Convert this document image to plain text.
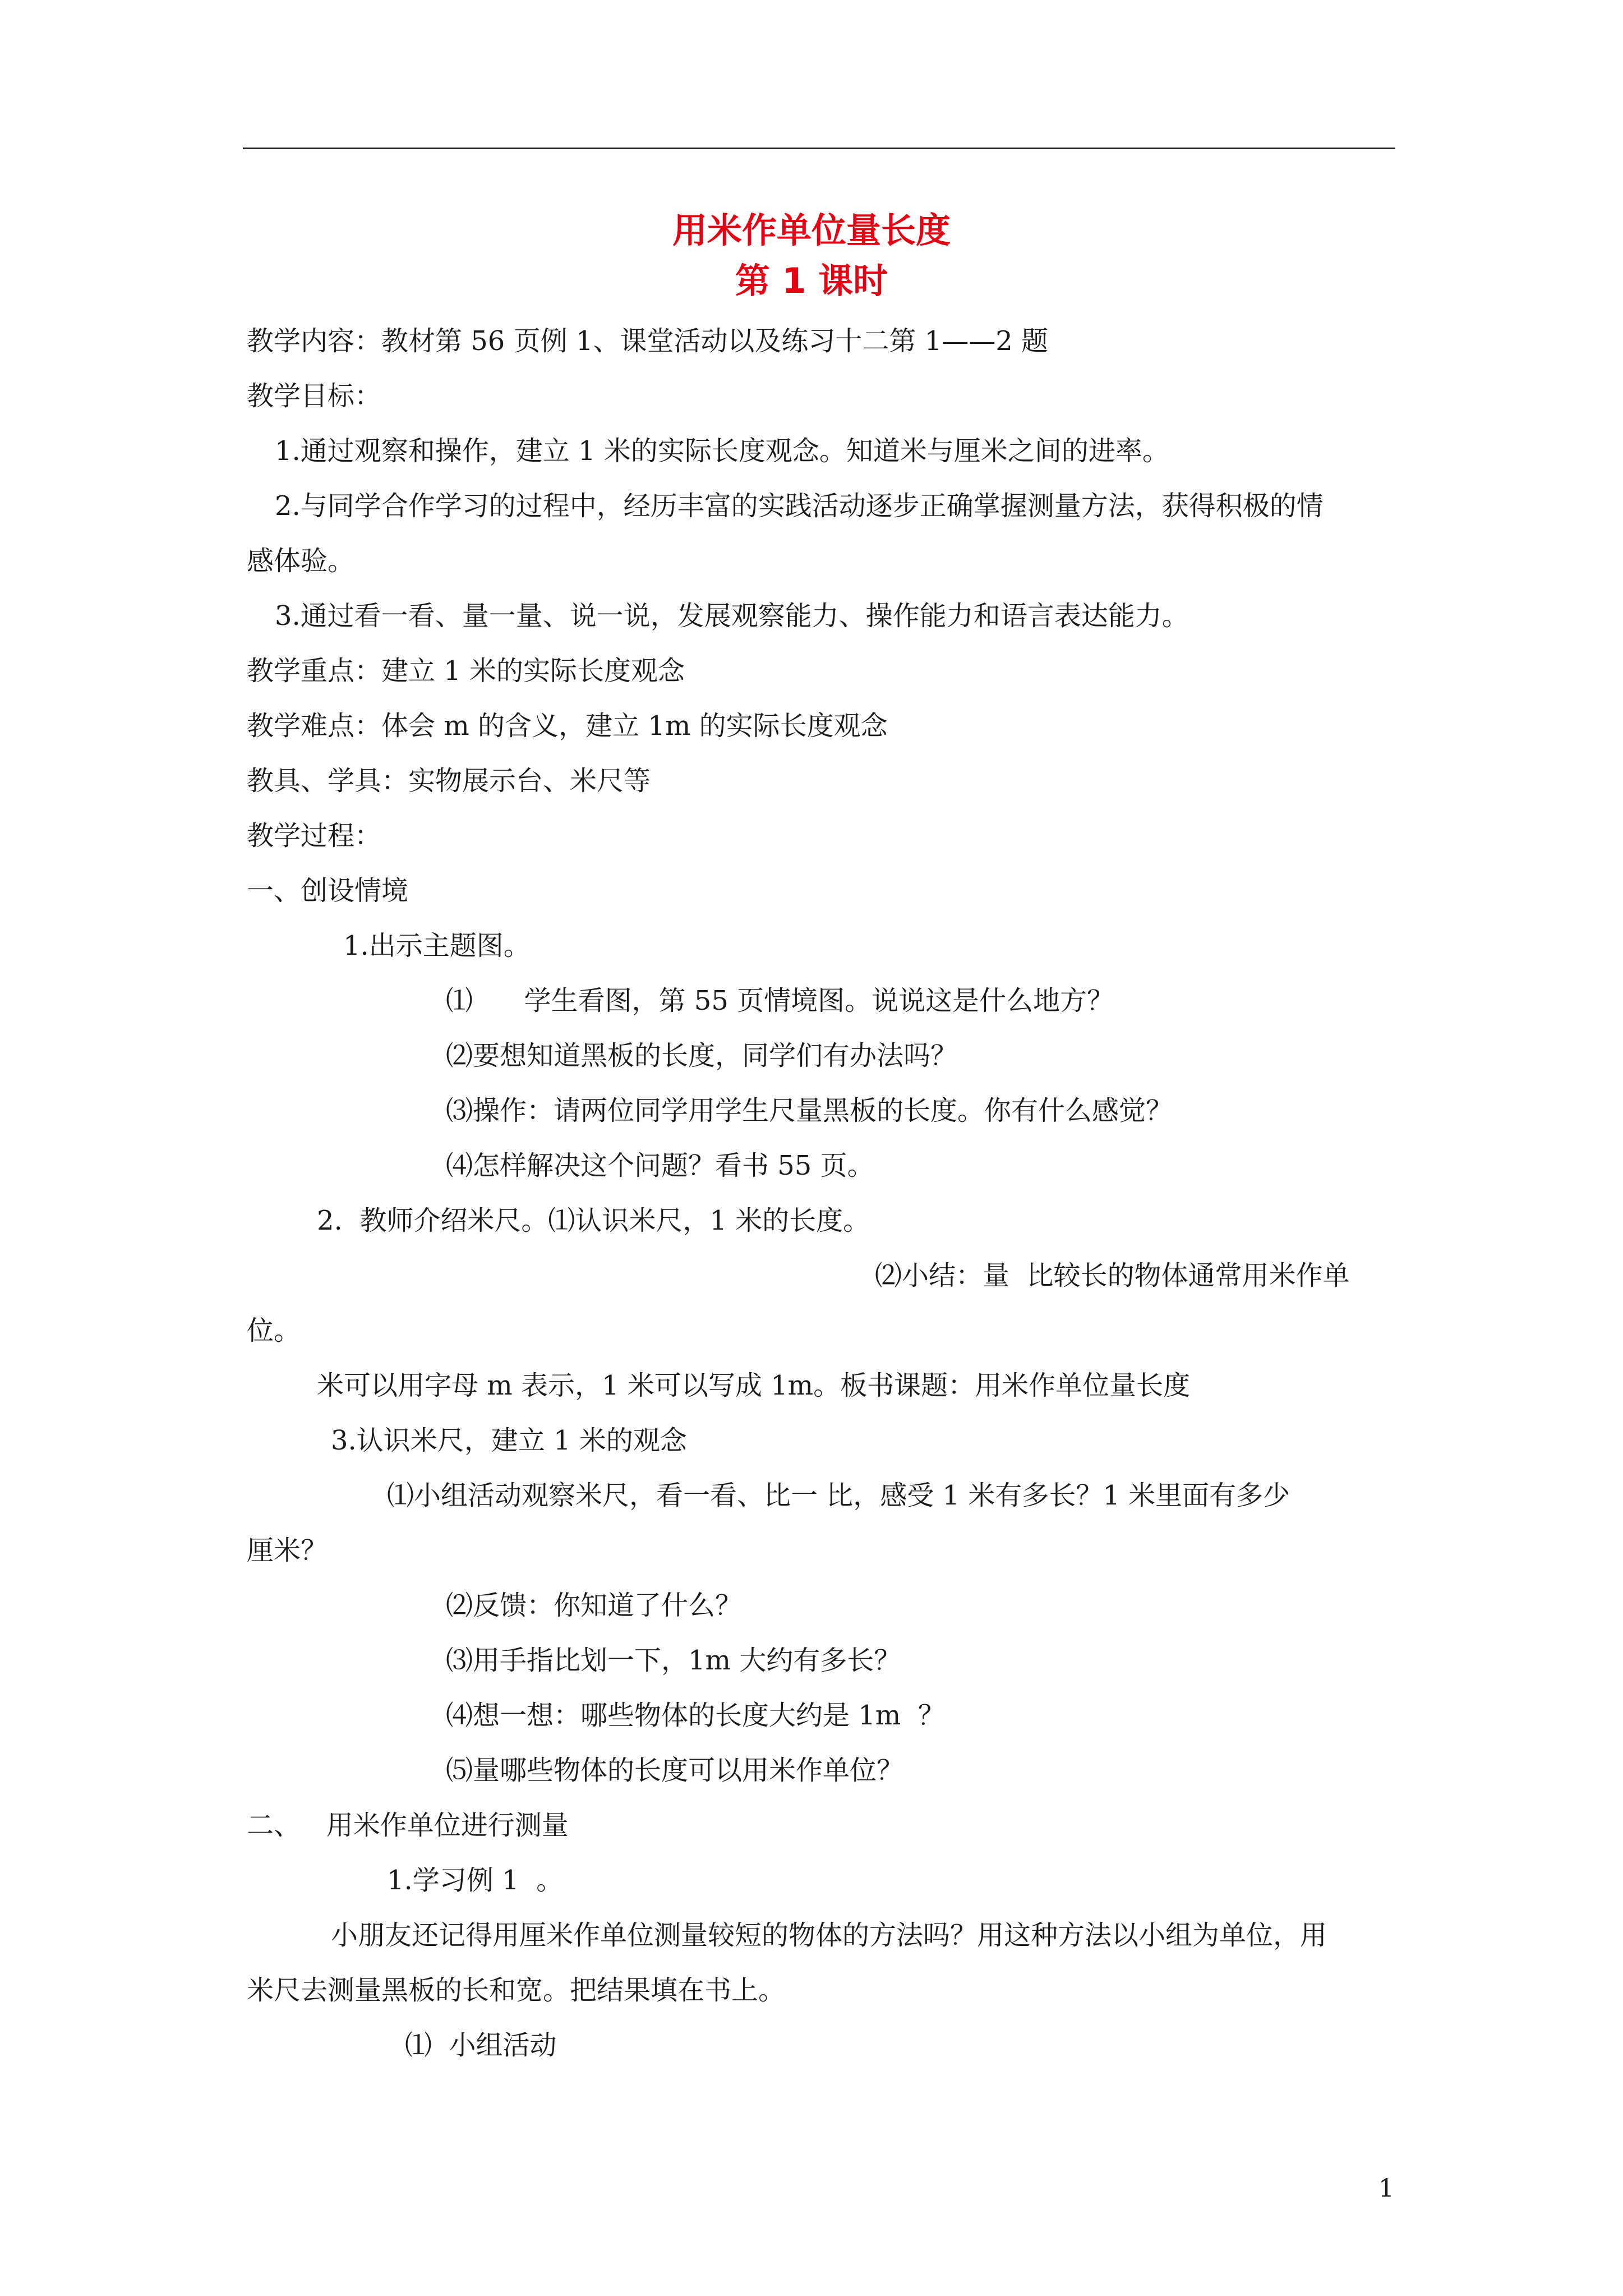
用米作单位量长度
第 1 课时
教学内容：教材第 56 页例 1、课堂活动以及练习十二第 1——2 题
教学目标：
1.通过观察和操作，建立 1 米的实际长度观念。知道米与厘米之间的进率。
2.与同学合作学习的过程中，经历丰富的实践活动逐步正确掌握测量方法，获得积极的情
感体验。
3.通过看一看、量一量、说一说，发展观察能力、操作能力和语言表达能力。
教学重点：建立 1 米的实际长度观念
教学难点：体会 m 的含义，建立 1m 的实际长度观念
教具、学具：实物展示台、米尺等
教学过程：
一、创设情境
1.出示主题图。
⑴      学生看图，第 55 页情境图。说说这是什么地方？
⑵要想知道黑板的长度，同学们有办法吗？
⑶操作：请两位同学用学生尺量黑板的长度。你有什么感觉？
⑷怎样解决这个问题？看书 55 页。
2.  教师介绍米尺。⑴认识米尺，1 米的长度。
⑵小结：量  比较长的物体通常用米作单
位。
米可以用字母 m 表示，1 米可以写成 1m。板书课题：用米作单位量长度
3.认识米尺，建立 1 米的观念
⑴小组活动观察米尺，看一看、比一 比，感受 1 米有多长？1 米里面有多少
厘米？
⑵反馈：你知道了什么？
⑶用手指比划一下，1m 大约有多长？
⑷想一想：哪些物体的长度大约是 1m  ？
⑸量哪些物体的长度可以用米作单位？
二、   用米作单位进行测量
1.学习例 1  。
小朋友还记得用厘米作单位测量较短的物体的方法吗？用这种方法以小组为单位，用
米尺去测量黑板的长和宽。把结果填在书上。
⑴  小组活动
1
